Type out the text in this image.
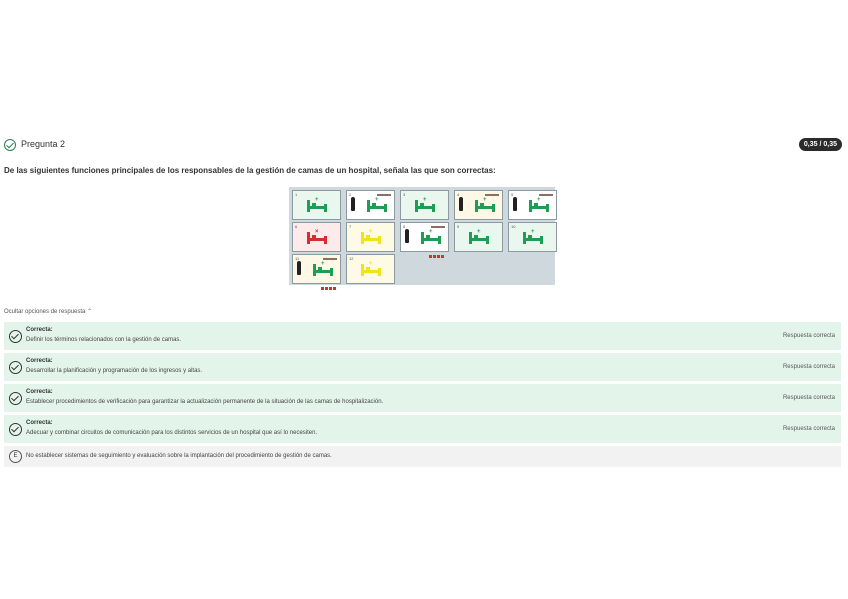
Pregunta 2	0,35 / 0,35
De las siguientes funciones principales de los responsables de la gestión de camas de un hospital, señala las que son correctas:
1
+
2
+
3
+
4
+
5
+
6
×
7
+
8
+
9
+
10
+
11
+
12
+
Ocultar opciones de respuesta ⌃
Correcta:
Definir los términos relacionados con la gestión de camas.
Respuesta correcta
Correcta:
Desarrollar la planificación y programación de los ingresos y altas.
Respuesta correcta
Correcta:
Establecer procedimientos de verificación para garantizar la actualización permanente de la situación de las camas de hospitalización.
Respuesta correcta
Correcta:
Adecuar y combinar circuitos de comunicación para los distintos servicios de un hospital que así lo necesiten.
Respuesta correcta
E	No establecer sistemas de seguimiento y evaluación sobre la implantación del procedimiento de gestión de camas.
